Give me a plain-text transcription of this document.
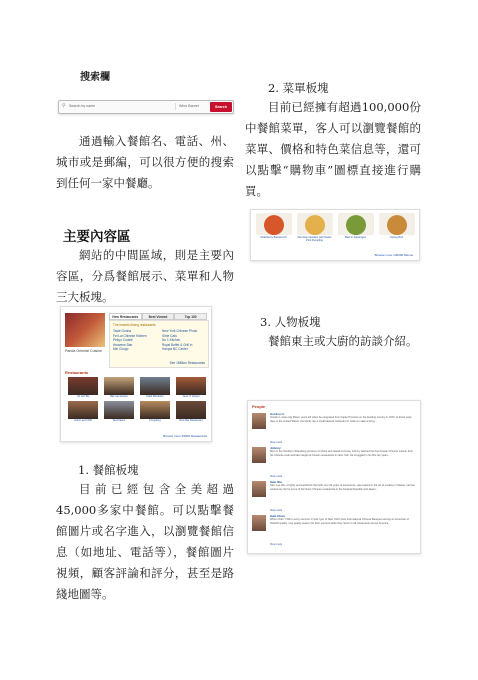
搜索欄
⚲ Search by name	Wine Barnet	Search
通過輸入餐館名、電話、州、城市或是郵編，可以很方便的搜索到任何一家中餐廳。
主要內容區
網站的中間區域，則是主要內容區，分爲餐館展示、菜單和人物三大板塊。
Panda Oriental Cuisine
New Restaurants	Best Viewed	Top 100
The newest dining restaurants
Taste Gonna
Fei Lai Chinese Kitchen
Pekyo Cookie
Heavens Star
Mei Chopp
New York Chinese Photo
Sime Caru
No 1 Kitchen
Royal Buffet & Grill In
Hanpia BC Center
See 1Million Restaurants
Restaurants
Yel Hot Bis	Bai Lian House	Maid Mandarin	Jane-Yi Hotpot
Gold Leaf CNR	Tea Palace	Fongeling	Rice Bar Restaurant
Browse more 45000 Restaurants
1. 餐館板塊
目前已經包含全美超過45,000多家中餐館。可以點擊餐館圖片或名字進入，以瀏覽餐館信息（如地址、電話等），餐館圖片視頻，顧客評論和評分，甚至是路綫地圖等。
2. 菜單板塊
目前已經擁有超過100,000份中餐館菜單，客人可以瀏覽餐館的菜單、價格和特色菜信息等，還可以點擊“購物車”圖標直接進行購買。
Strawberry Banana Ch	Dan Dan Noodles with Sweet Pork Dumpling
Beef in Asparagus	Spring Roll
Browse more 100000 Menus
3. 人物板塊
餐館東主或大廚的訪談介紹。
People
Gordon Li
Gordon Li was only fifteen years old when he emigrated from Fujian Province on the bustling country in 1970. In those early days in the United States, the family ran a small takeout restaurant in order to make a living...
View more
Johnny
Born in the Southern Shandong province of China and raised in Korea, Johnny learned the fine Korean Chinese cuisine from his Chinese cook and later taught at Korean restaurants in New York. He struggled in his first ten years...
View more
Sam Wu
Sam Lee Wu, a highly accomplished chef with over 20 years of experience, was trained in the art of cooking in Taiwan. He has worked as chef in some of the finest Chinese restaurants in the Federal Republic and Japan...
View more
Sam Chan
When Chan Yi Bin's every summer in their type of New York's best International Chinese Banquet serving an American of Tasteful quality, now quality season for their success while they return to all restaurants across America.
View more
